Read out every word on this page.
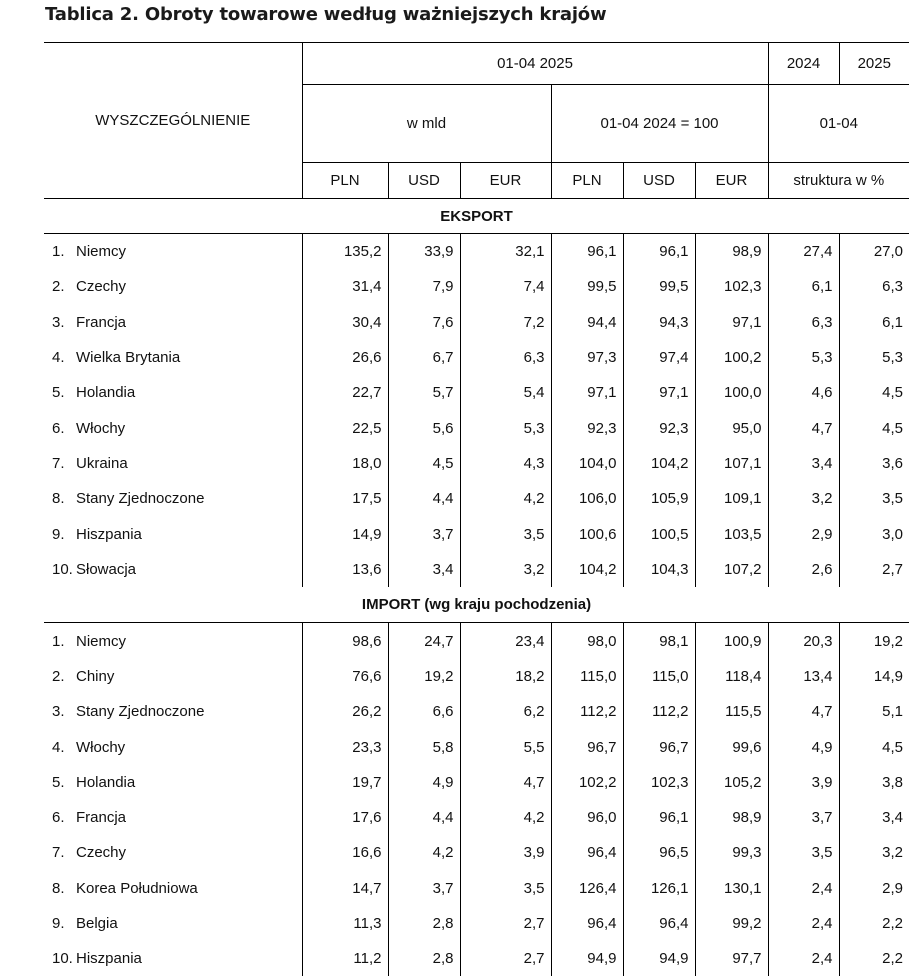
Tablica 2. Obroty towarowe według ważniejszych krajów
WYSZCZEGÓLNIENIE	01-04 2025						2024	2025
	w mld			01-04 2024 = 100			01-04	
	PLN	USD	EUR	PLN	USD	EUR	struktura w %	
EKSPORT								
1. Niemcy	135,2	33,9	32,1	96,1	96,1	98,9	27,4	27,0
2. Czechy	31,4	7,9	7,4	99,5	99,5	102,3	6,1	6,3
3. Francja	30,4	7,6	7,2	94,4	94,3	97,1	6,3	6,1
4. Wielka Brytania	26,6	6,7	6,3	97,3	97,4	100,2	5,3	5,3
5. Holandia	22,7	5,7	5,4	97,1	97,1	100,0	4,6	4,5
6. Włochy	22,5	5,6	5,3	92,3	92,3	95,0	4,7	4,5
7. Ukraina	18,0	4,5	4,3	104,0	104,2	107,1	3,4	3,6
8. Stany Zjednoczone	17,5	4,4	4,2	106,0	105,9	109,1	3,2	3,5
9. Hiszpania	14,9	3,7	3,5	100,6	100,5	103,5	2,9	3,0
10. Słowacja	13,6	3,4	3,2	104,2	104,3	107,2	2,6	2,7
IMPORT (wg kraju pochodzenia)								
1. Niemcy	98,6	24,7	23,4	98,0	98,1	100,9	20,3	19,2
2. Chiny	76,6	19,2	18,2	115,0	115,0	118,4	13,4	14,9
3. Stany Zjednoczone	26,2	6,6	6,2	112,2	112,2	115,5	4,7	5,1
4. Włochy	23,3	5,8	5,5	96,7	96,7	99,6	4,9	4,5
5. Holandia	19,7	4,9	4,7	102,2	102,3	105,2	3,9	3,8
6. Francja	17,6	4,4	4,2	96,0	96,1	98,9	3,7	3,4
7. Czechy	16,6	4,2	3,9	96,4	96,5	99,3	3,5	3,2
8. Korea Południowa	14,7	3,7	3,5	126,4	126,1	130,1	2,4	2,9
9. Belgia	11,3	2,8	2,7	96,4	96,4	99,2	2,4	2,2
10. Hiszpania	11,2	2,8	2,7	94,9	94,9	97,7	2,4	2,2
